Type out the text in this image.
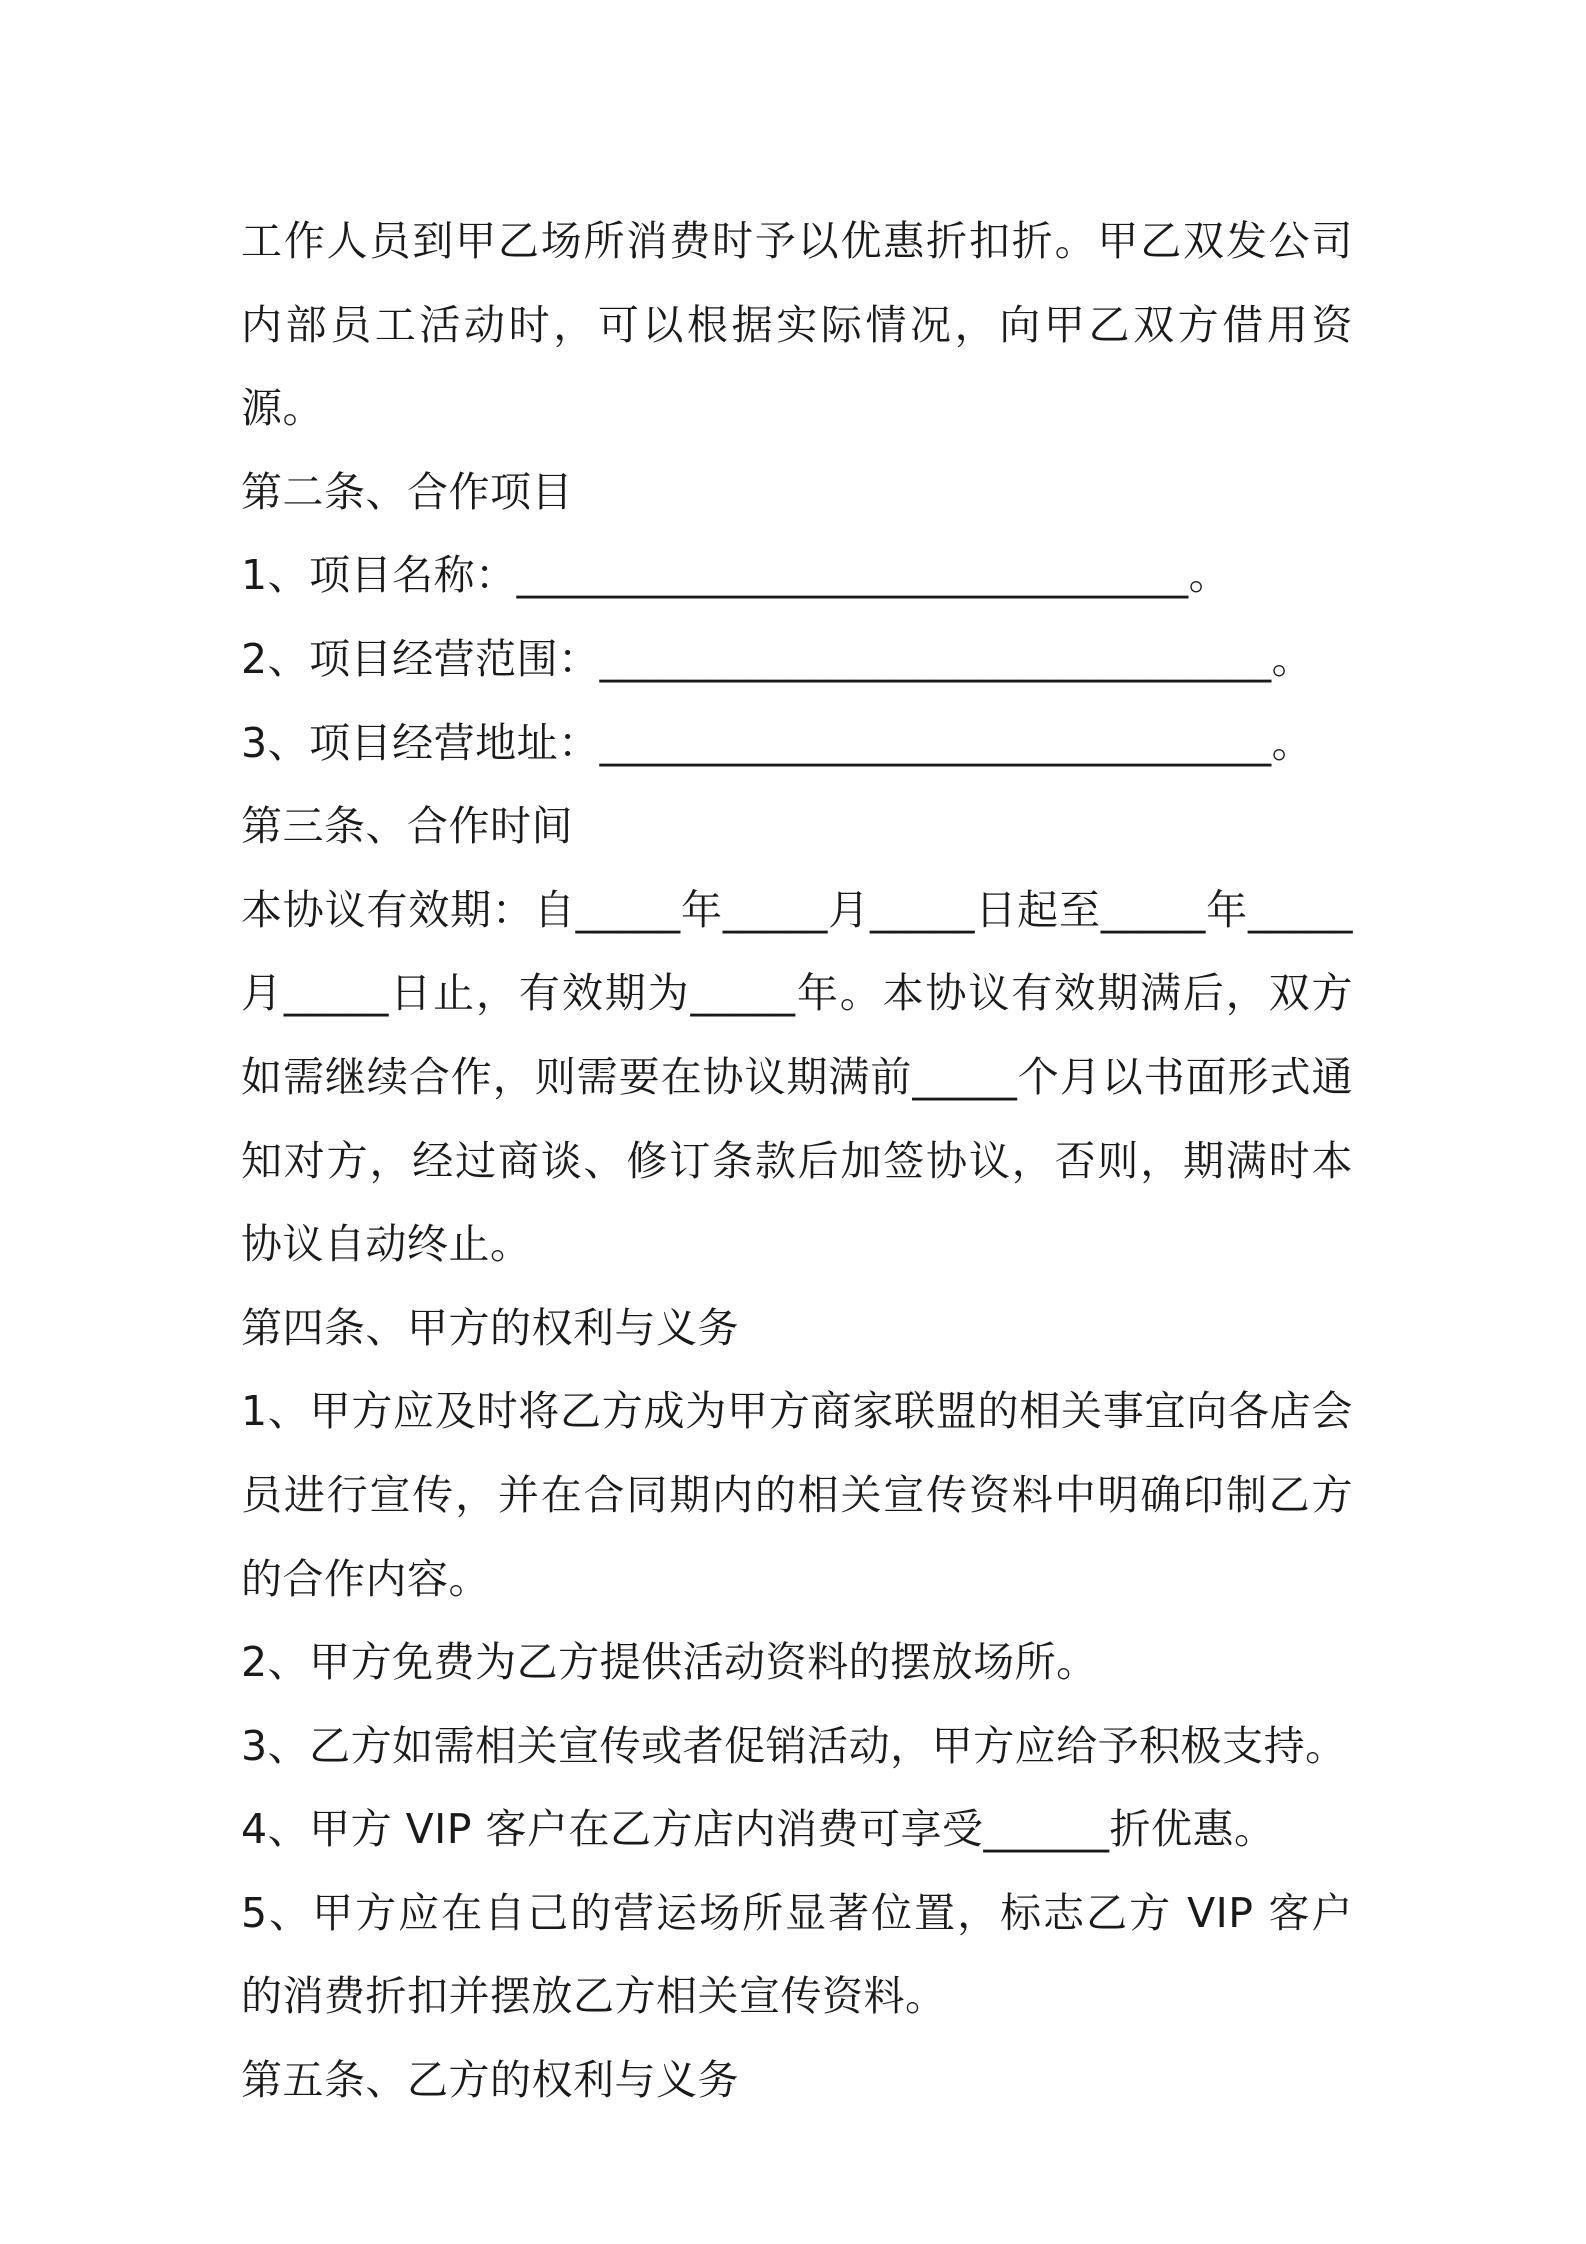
工作人员到甲乙场所消费时予以优惠折扣折。甲乙双发公司内部员工活动时，可以根据实际情况，向甲乙双方借用资源。

第二条、合作项目

1、项目名称：________________________________。

2、项目经营范围：________________________________。

3、项目经营地址：________________________________。

第三条、合作时间

本协议有效期：自_____年_____月_____日起至_____年_____月_____日止，有效期为_____年。本协议有效期满后，双方如需继续合作，则需要在协议期满前_____个月以书面形式通知对方，经过商谈、修订条款后加签协议，否则，期满时本协议自动终止。

第四条、甲方的权利与义务

1、甲方应及时将乙方成为甲方商家联盟的相关事宜向各店会员进行宣传，并在合同期内的相关宣传资料中明确印制乙方的合作内容。

2、甲方免费为乙方提供活动资料的摆放场所。

3、乙方如需相关宣传或者促销活动，甲方应给予积极支持。

4、甲方 VIP 客户在乙方店内消费可享受______折优惠。

5、甲方应在自己的营运场所显著位置，标志乙方 VIP 客户的消费折扣并摆放乙方相关宣传资料。

第五条、乙方的权利与义务
